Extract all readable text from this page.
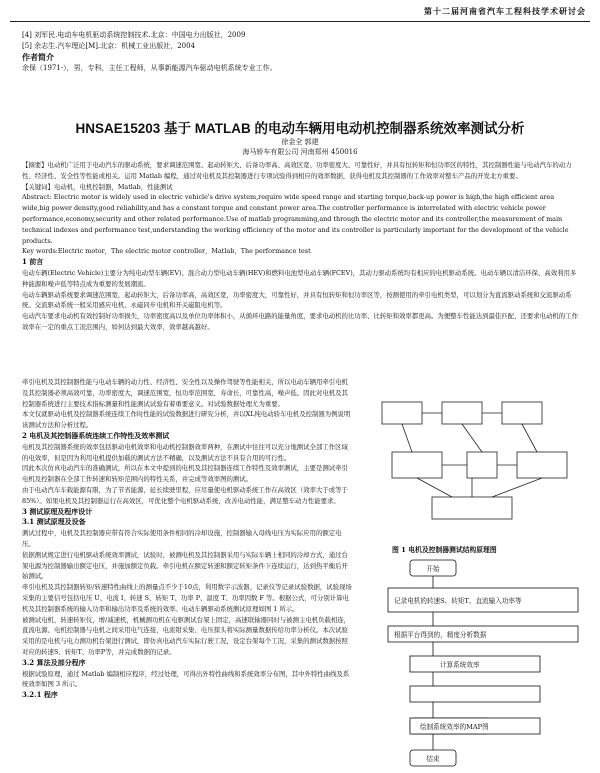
第十二届河南省汽车工程科技学术研讨会

[4] 刘军民.电动车电机驱动系统控制技术.北京：中国电力出版社，2009

[5] 余志生.汽车理论[M].北京：机械工业出版社，2004

作者简介

余保（1971-），男，专科，主任工程师，从事新能源汽车驱动电机系统专业工作。

HNSAE15203 基于 MATLAB 的电动车辆用电动机控制器系统效率测试分析
徐金全 郭建
海马轿车有限公司 河南郑州 450016

【摘要】电动机广泛用于电动汽车的驱动系统，要求调速范围宽、起动转矩大、后备功率高、高效区宽、功率密度大、可靠性好，并具有恒转矩和恒功率区的特性，其控制器性能与电动汽车的动力性、经济性、安全性等性能或相关。运用 Matlab 编程，通过对电机及其控制器进行专项试验得到相应的效率数据，获得电机及其控制器的工作效率对整车产品的开发北方重要。

【关键词】电动机，电机控制器，Matlab，性能测试

Abstract: Electric motor is widely used in electric vehicle's drive system,require wide speed range and starting torque,back-up power is high,the high efficient area wide,big power density,good reliability,and has a constant torque and constant power area.The controller performance is interrelated with electric vehicle power performance,economy,security and other related performance.Use of matlab programming,and through the electric motor and its controller,the measurement of main technical indexes and performance test,understanding the working efficiency of the motor and its controller is particularly important for the development of the vehicle products.

Key words:Electric motor，The electric motor controller，Matlab，The performance test

1 前言

电动车辆(Electric Vehicle)主要分为纯电动型车辆(EV)、混合动力型电动车辆(HEV)和燃料电池型电动车辆(FCEV)，其动力驱动系统均有相应的电机驱动系统。电动车辆以清洁环保、高效利用多种能源和噪声低等特点成为重要的发展潮流。

电动车辆驱动系统要求调速范围宽，起动转矩大，后备功率高，高效区宽，功率密度大，可靠性好，并具有恒转矩和恒功率区等，按测使用的牵引电机类型，可以划分为直流驱动系统和交流驱动系统。交流驱动系统一般采用感应电机、永磁同步电机和开关磁阻电机等。

电动汽车要求电动机有效控制好功率损失，功率密度高以及单位功率体积小，从循环电路的能量角度，要求电动机的比功率、比转矩和效率都更高。为便整车性能达到最佳匹配，还要求电动机的工作效率在一定的重点工况范围内，如何达到最大效率，效率越高越好。

牵引电机及其控制器性能与电动车辆的动力性、经济性、安全性以及操作驾驶等性能相关，所以电动车辆用牵引电机及其控制器必须高效可靠，功率密度大，调速范围宽，恒功率范围宽，寿命长，可靠性高，噪声低。因此对电机及其控制器系统进行主要技术指标测量和性能测试试验有着重要意义。对试验数据处理尤为重要。

本文仅就驱动电机及控制器系统连续工作时性能的试验数据进行研究分析，并以XL纯电动轿车电机及控制器为例说明该测试方法和分析过程。

2 电机及其控制器系统连续工作特性及效率测试

电机及其控制器系统的效率包括驱动电机效率和电动机控制器效率两种，在测试中往往可以充分地测试全部工作区域的电效率，但是因为利用电机提供加载的测试方法不精确，以及测试方法不具有合用的可行性。

因此本次仿真电动汽车的准确测试，所以在本文中提到的电机及其控制器连续工作特性及效率测试，主要是测试牵引电机及控制器在全部工作转速和转矩范围内的特性关系，并完成等效率图的测试。

由于电动汽车车载能源有限，为了节省能源，延长续驶里程，应尽量使电机驱动系统工作在高效区（效率大于或等于 85%）。如果电机及其控制器运行在高效区，可优化整个电机驱动系统，改善电动性能，满足整车动力性能要求。

3 测试原理及程序设计

3.1 测试原理及设备

测试过程中，电机及其控制器应带有符合实际使用条件相同的冷却设施，控制器输入母线电压为实际应用的额定电压。

依据测试规定进行电机驱动系统效率测试，试验时，被测电机及其控制器采用与实际车辆上相同的冷却方式，通过台架电源为控制器输出额定电压，并施加额定负载。牵引电机在额定转速和额定转矩条件下连续运行，达到热平衡后开始测试。

牵引电机及其控制器转矩/转速特性曲线上的测量点不少于10点，利用数字示波器、记录仪等记录试验数据，试验现场采集的主要信号包括电压 U、电流 I、转速 S、转矩 T、功率 P、温度 T、功率因数 F 等。根据公式，可分别计算电机及其控制器系统的输入功率和输出功率及系统的效率。电动车辆驱动系统测试原理如图 1 所示。

被测试电机，转速转矩仪，增/减速机，机械测功机在电驱测试台架上固定，高速联轴器同时与被测主电机负载相连，直流电源、电机控制器与电机之间采用电气连接，电流钳采集、电压探头将实际测量数据传给功率分析仪。本次试验采用的是电机与电力测功机台架进行测试，即仿真电动汽车实际行驶工况，设定台架每个工况，采集的测试数据按照对应的转速S、转矩T、功率P等，并完成数据的记录。

3.2 算法及部分程序

根据试验原理，通过 Matlab 编制相应程序，经过处理，可得出外特性曲线和系统效率分布图，其中外特性曲线及系统效率如图 3 所示。

3.2.1 程序

图 1 电机及控制器测试结构原理图
开始
记录电机的转速S、转矩T、直流输入功率等
根据平台得到的，精度分析数据
计算系统效率
绘制系统效率的MAP图
结束
